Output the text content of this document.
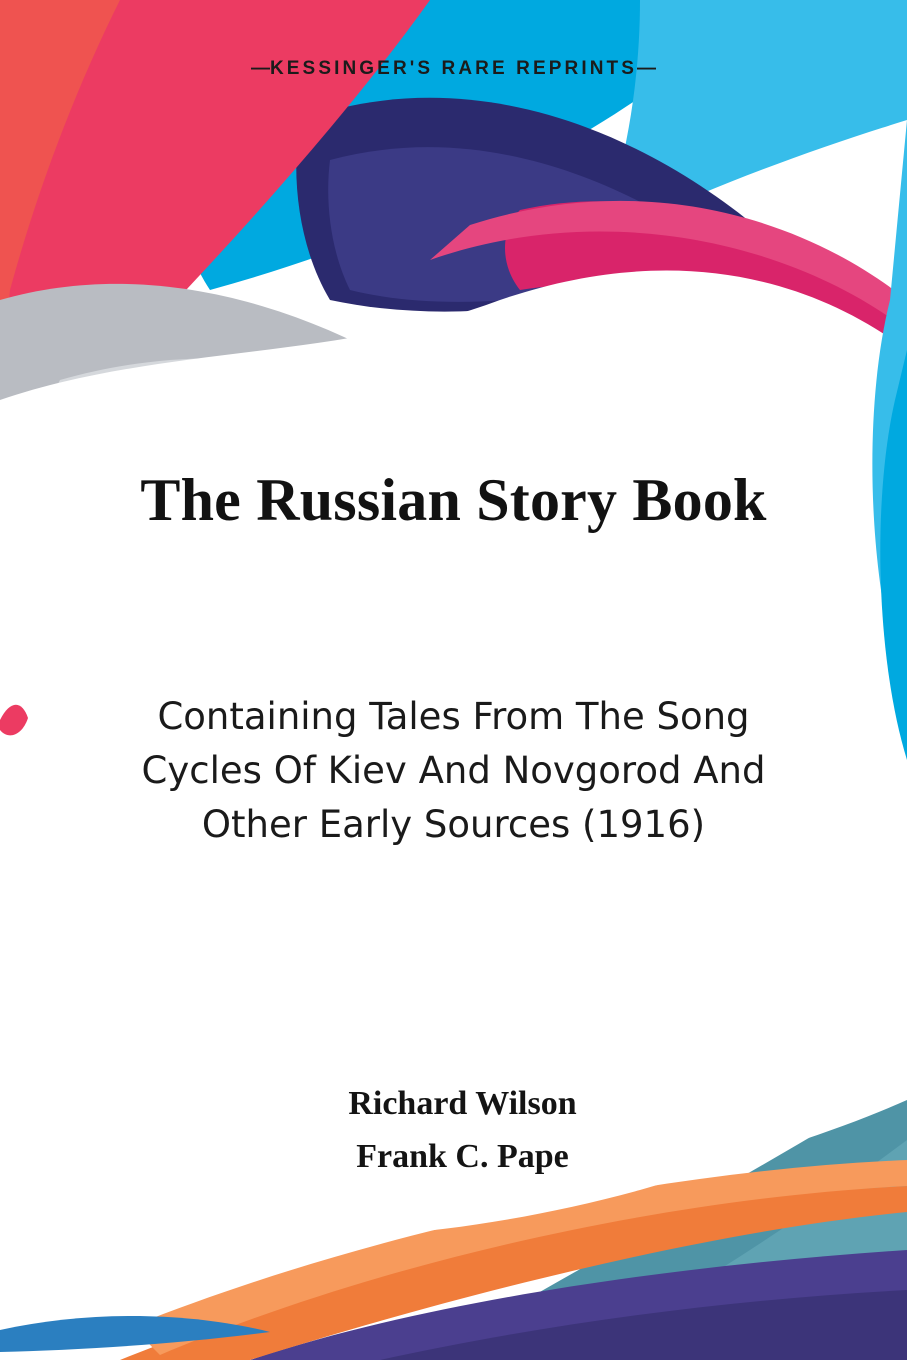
—KESSINGER'S RARE REPRINTS—
The Russian Story Book
Containing Tales From The Song Cycles Of Kiev And Novgorod And Other Early Sources (1916)
Richard Wilson
Frank C. Pape
